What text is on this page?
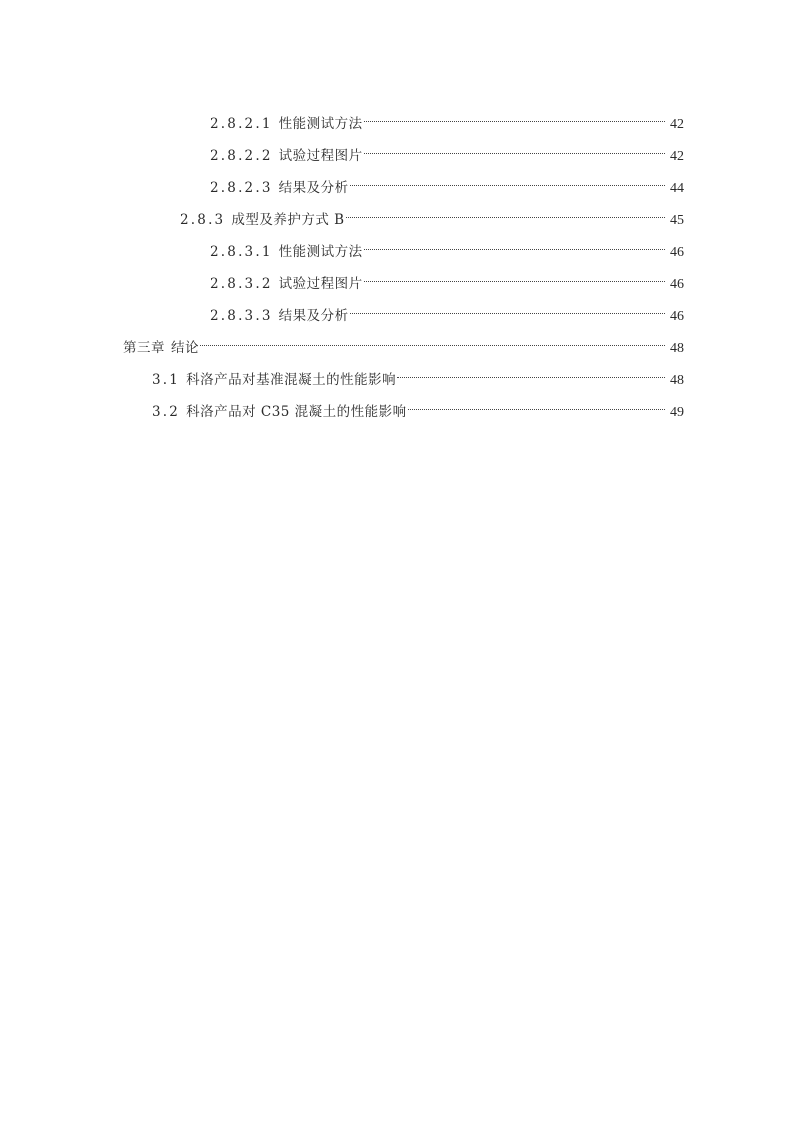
2.8.2.1 性能测试方法	42
2.8.2.2 试验过程图片	42
2.8.2.3 结果及分析	44
2.8.3 成型及养护方式 B	45
2.8.3.1 性能测试方法	46
2.8.3.2 试验过程图片	46
2.8.3.3 结果及分析	46
第三章 结论	48
3.1 科洛产品对基准混凝土的性能影响	48
3.2 科洛产品对 C35 混凝土的性能影响	49
